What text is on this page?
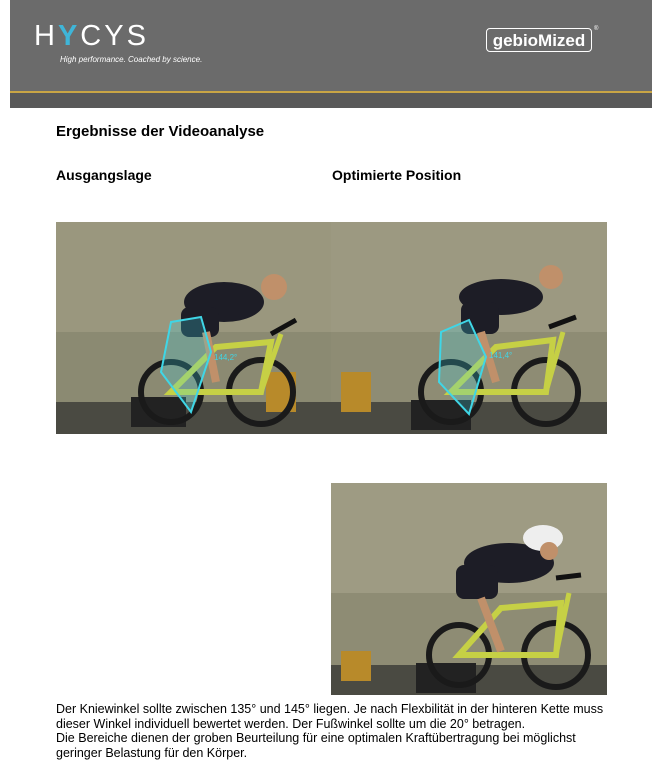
HYCYS
High performance. Coached by science.
gebioMized
®
Ergebnisse der Videoanalyse
Ausgangslage	Optimierte Position
144,2°	141,4°

Der Kniewinkel sollte zwischen 135° und 145° liegen. Je nach Flexbilität in der hinteren Kette muss dieser Winkel individuell bewertet werden. Der Fußwinkel sollte um die 20° betragen.

Die Bereiche dienen der groben Beurteilung für eine optimalen Kraftübertragung bei möglichst geringer Belastung für den Körper.
